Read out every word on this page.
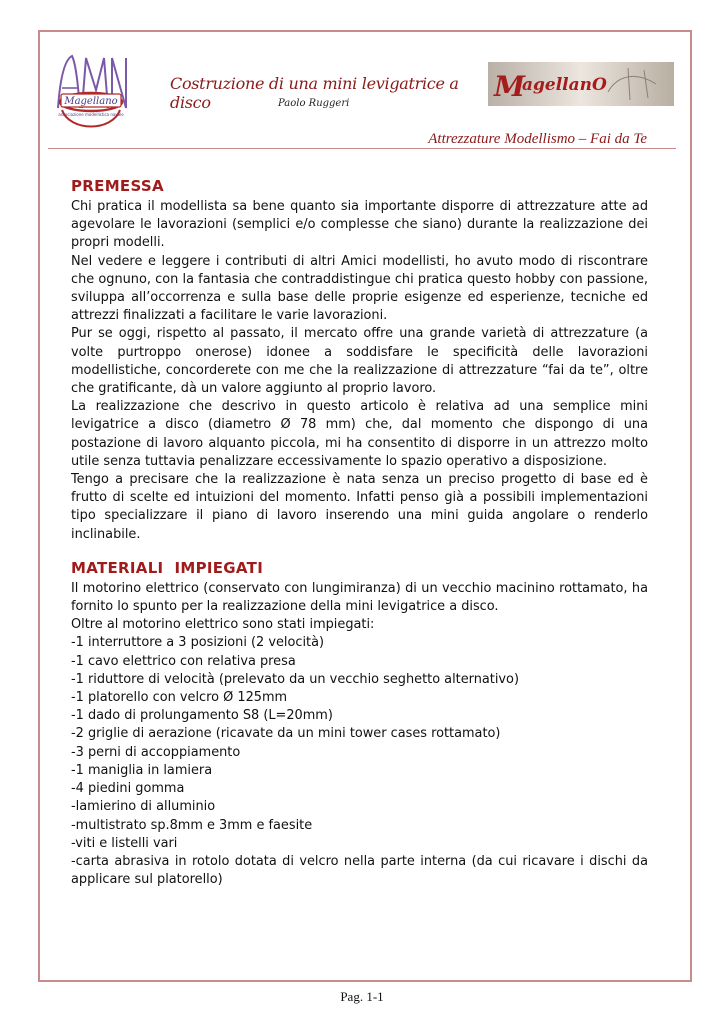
Magellano
associazione modellistica navale
M
agellanO
Costruzione di una mini levigatrice a disco	Paolo Ruggeri
Attrezzature Modellismo – Fai da Te
PREMESSA

Chi pratica il modellista sa bene quanto sia importante disporre di attrezzature atte ad agevolare le lavorazioni (semplici e/o complesse che siano) durante la realizzazione dei propri modelli.

Nel vedere e leggere i contributi di altri Amici modellisti, ho avuto modo di riscontrare che ognuno, con la fantasia che contraddistingue chi pratica questo hobby con passione, sviluppa all’occorrenza e sulla base delle proprie esigenze ed esperienze, tecniche ed attrezzi finalizzati a facilitare le varie lavorazioni.

Pur se oggi, rispetto al passato, il mercato offre una grande varietà di attrezzature (a volte purtroppo onerose) idonee a soddisfare le specificità delle lavorazioni modellistiche, concorderete con me che la realizzazione di attrezzature “fai da te”, oltre che gratificante, dà un valore aggiunto al proprio lavoro.

La realizzazione che descrivo in questo articolo è relativa ad una semplice mini levigatrice a disco (diametro Ø 78 mm) che, dal momento che dispongo di una postazione di lavoro alquanto piccola, mi ha consentito di disporre in un attrezzo molto utile senza tuttavia penalizzare eccessivamente lo spazio operativo a disposizione.

Tengo a precisare che la realizzazione è nata senza un preciso progetto di base ed è frutto di scelte ed intuizioni del momento. Infatti penso già a possibili implementazioni tipo specializzare il piano di lavoro inserendo una mini guida angolare o renderlo inclinabile.

MATERIALI  IMPIEGATI

Il motorino elettrico (conservato con lungimiranza) di un vecchio macinino rottamato, ha fornito lo spunto per la realizzazione della mini levigatrice a disco.

Oltre al motorino elettrico sono stati impiegati:

-1 interruttore a 3 posizioni (2 velocità)
-1 cavo elettrico con relativa presa
-1 riduttore di velocità (prelevato da un vecchio seghetto alternativo)
-1 platorello con velcro Ø 125mm
-1 dado di prolungamento S8 (L=20mm)
-2 griglie di aerazione (ricavate da un mini tower cases rottamato)
-3 perni di accoppiamento
-1 maniglia in lamiera
-4 piedini gomma
-lamierino di alluminio
-multistrato sp.8mm e 3mm e faesite
-viti e listelli vari
-carta abrasiva in rotolo dotata di velcro nella parte interna (da cui ricavare i dischi da applicare sul platorello)
Pag. 1-1
